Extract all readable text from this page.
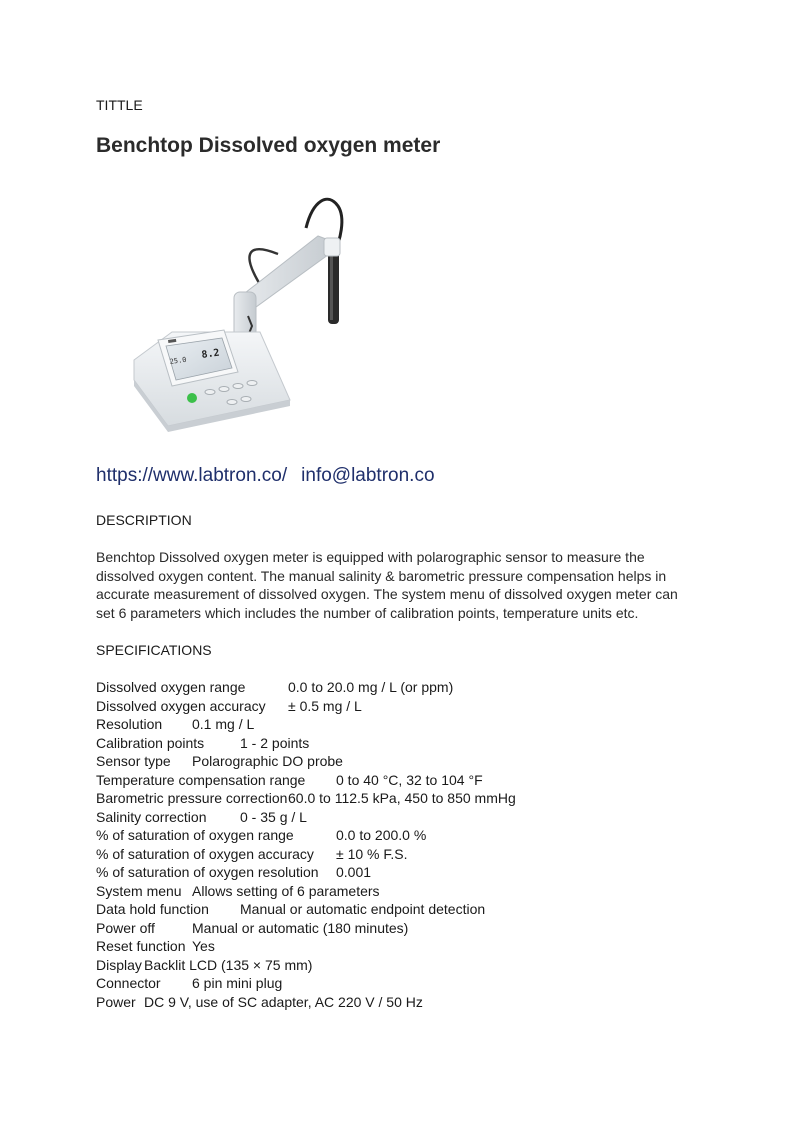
TITTLE
Benchtop Dissolved oxygen meter
25.0 8.2
https://www.labtron.co/ info@labtron.co
DESCRIPTION
Benchtop Dissolved oxygen meter is equipped with polarographic sensor to measure the dissolved oxygen content. The manual salinity & barometric pressure compensation helps in accurate measurement of dissolved oxygen. The system menu of dissolved oxygen meter can set 6 parameters which includes the number of calibration points, temperature units etc.
SPECIFICATIONS
Dissolved oxygen range	0.0 to 20.0 mg / L (or ppm)
Dissolved oxygen accuracy ± 0.5 mg / L
Resolution 0.1 mg / L
Calibration points	1 - 2 points
Sensor type Polarographic DO probe
Temperature compensation range 0 to 40 °C, 32 to 104 °F
Barometric pressure correction 60.0 to 112.5 kPa, 450 to 850 mmHg
Salinity correction 0 - 35 g / L
% of saturation of oxygen range	0.0 to 200.0 %
% of saturation of oxygen accuracy ± 10 % F.S.
% of saturation of oxygen resolution 0.001
System menu Allows setting of 6 parameters
Data hold function Manual or automatic endpoint detection
Power off	Manual or automatic (180 minutes)
Reset function Yes
Display Backlit LCD (135 × 75 mm)
Connector 6 pin mini plug
Power DC 9 V, use of SC adapter, AC 220 V / 50 Hz
